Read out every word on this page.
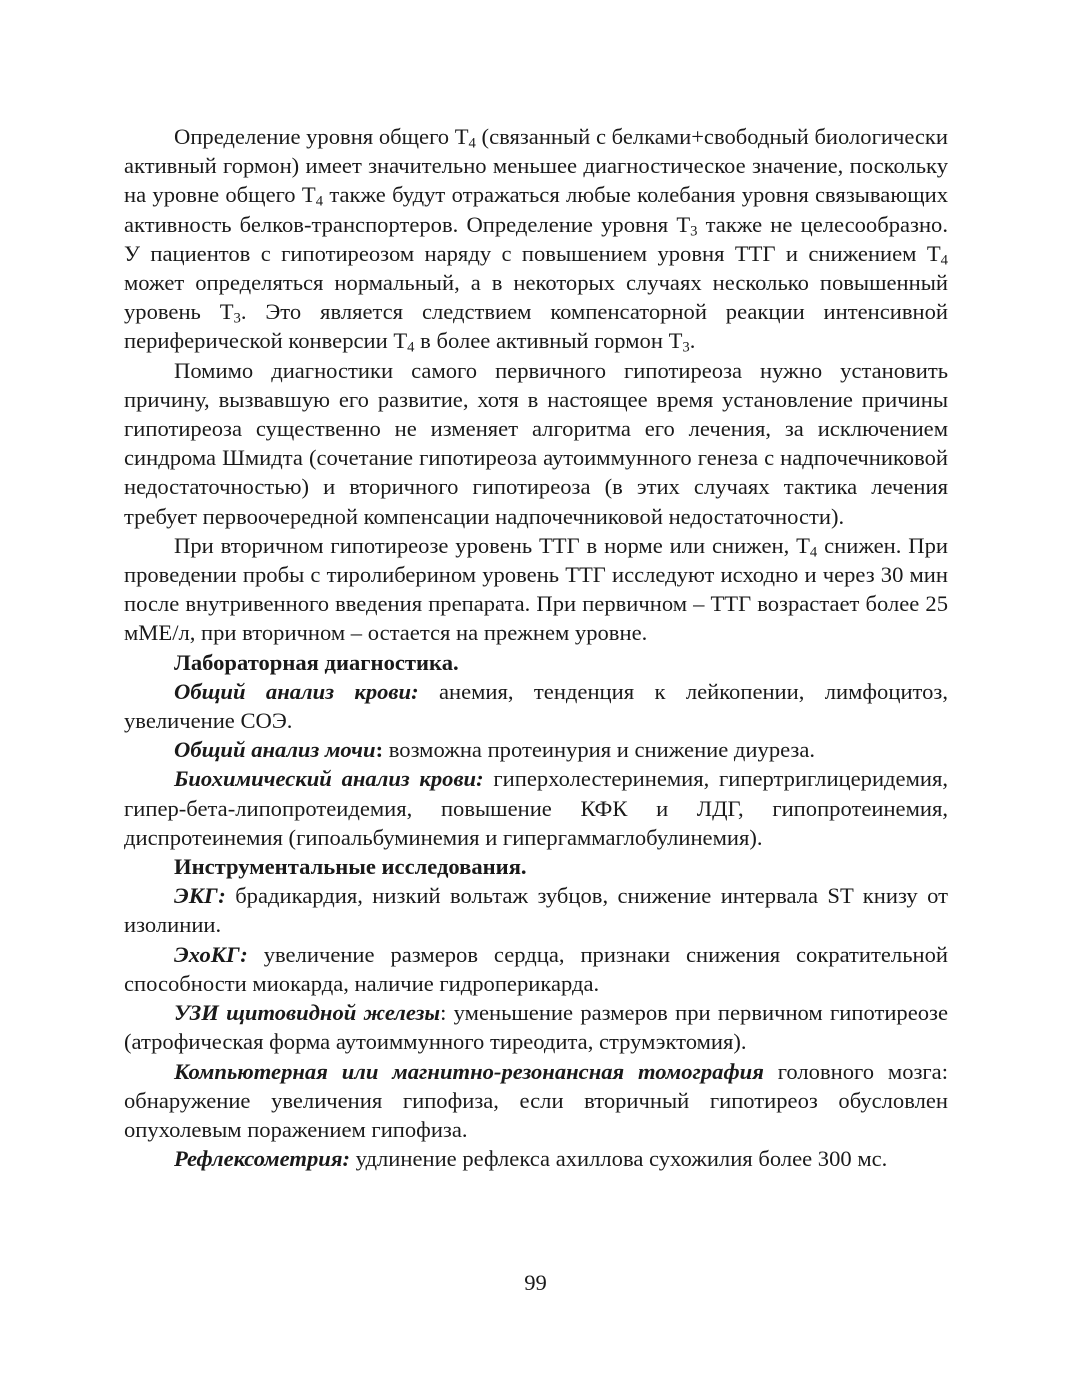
Определение уровня общего $Т_4$ (связанный с белками+свободный биологически активный гормон) имеет значительно меньшее диагностическое значение, поскольку на уровне общего $Т_4$ также будут отражаться любые колебания уровня связывающих активность белков-транспортеров. Определение уровня $Т_3$ также не целесообразно. У пациентов с гипотиреозом наряду с повышением уровня ТТГ и снижением $Т_4$ может определяться нормальный, а в некоторых случаях несколько повышенный уровень $Т_3$. Это является следствием компенсаторной реакции интенсивной периферической конверсии $Т_4$ в более активный гормон $Т_3$.

Помимо диагностики самого первичного гипотиреоза нужно установить причину, вызвавшую его развитие, хотя в настоящее время установление причины гипотиреоза существенно не изменяет алгоритма его лечения, за исключением синдрома Шмидта (сочетание гипотиреоза аутоиммунного генеза с надпочечниковой недостаточностью) и вторичного гипотиреоза (в этих случаях тактика лечения требует первоочередной компенсации надпочечниковой недостаточности).

При вторичном гипотиреозе уровень ТТГ в норме или снижен, $Т_4$ снижен. При проведении пробы с тиролиберином уровень ТТГ исследуют исходно и через 30 мин после внутривенного введения препарата. При первичном – ТТГ возрастает более 25 мМЕ/л, при вторичном – остается на прежнем уровне.

Лабораторная диагностика.

Общий анализ крови: анемия, тенденция к лейкопении, лимфоцитоз, увеличение СОЭ.

Общий анализ мочи: возможна протеинурия и снижение диуреза.

Биохимический анализ крови: гиперхолестеринемия, гипертриглицеридемия, гипер-бета-липопротеидемия, повышение КФК и ЛДГ, гипопротеинемия, диспротеинемия (гипоальбуминемия и гипергаммаглобулинемия).

Инструментальные исследования.

ЭКГ: брадикардия, низкий вольтаж зубцов, снижение интервала ST книзу от изолинии.

ЭхоКГ: увеличение размеров сердца, признаки снижения сократительной способности миокарда, наличие гидроперикарда.

УЗИ щитовидной железы: уменьшение размеров при первичном гипотиреозе (атрофическая форма аутоиммунного тиреодита, струмэктомия).

Компьютерная или магнитно-резонансная томография головного мозга: обнаружение увеличения гипофиза, если вторичный гипотиреоз обусловлен опухолевым поражением гипофиза.

Рефлексометрия: удлинение рефлекса ахиллова сухожилия более 300 мс.

99
